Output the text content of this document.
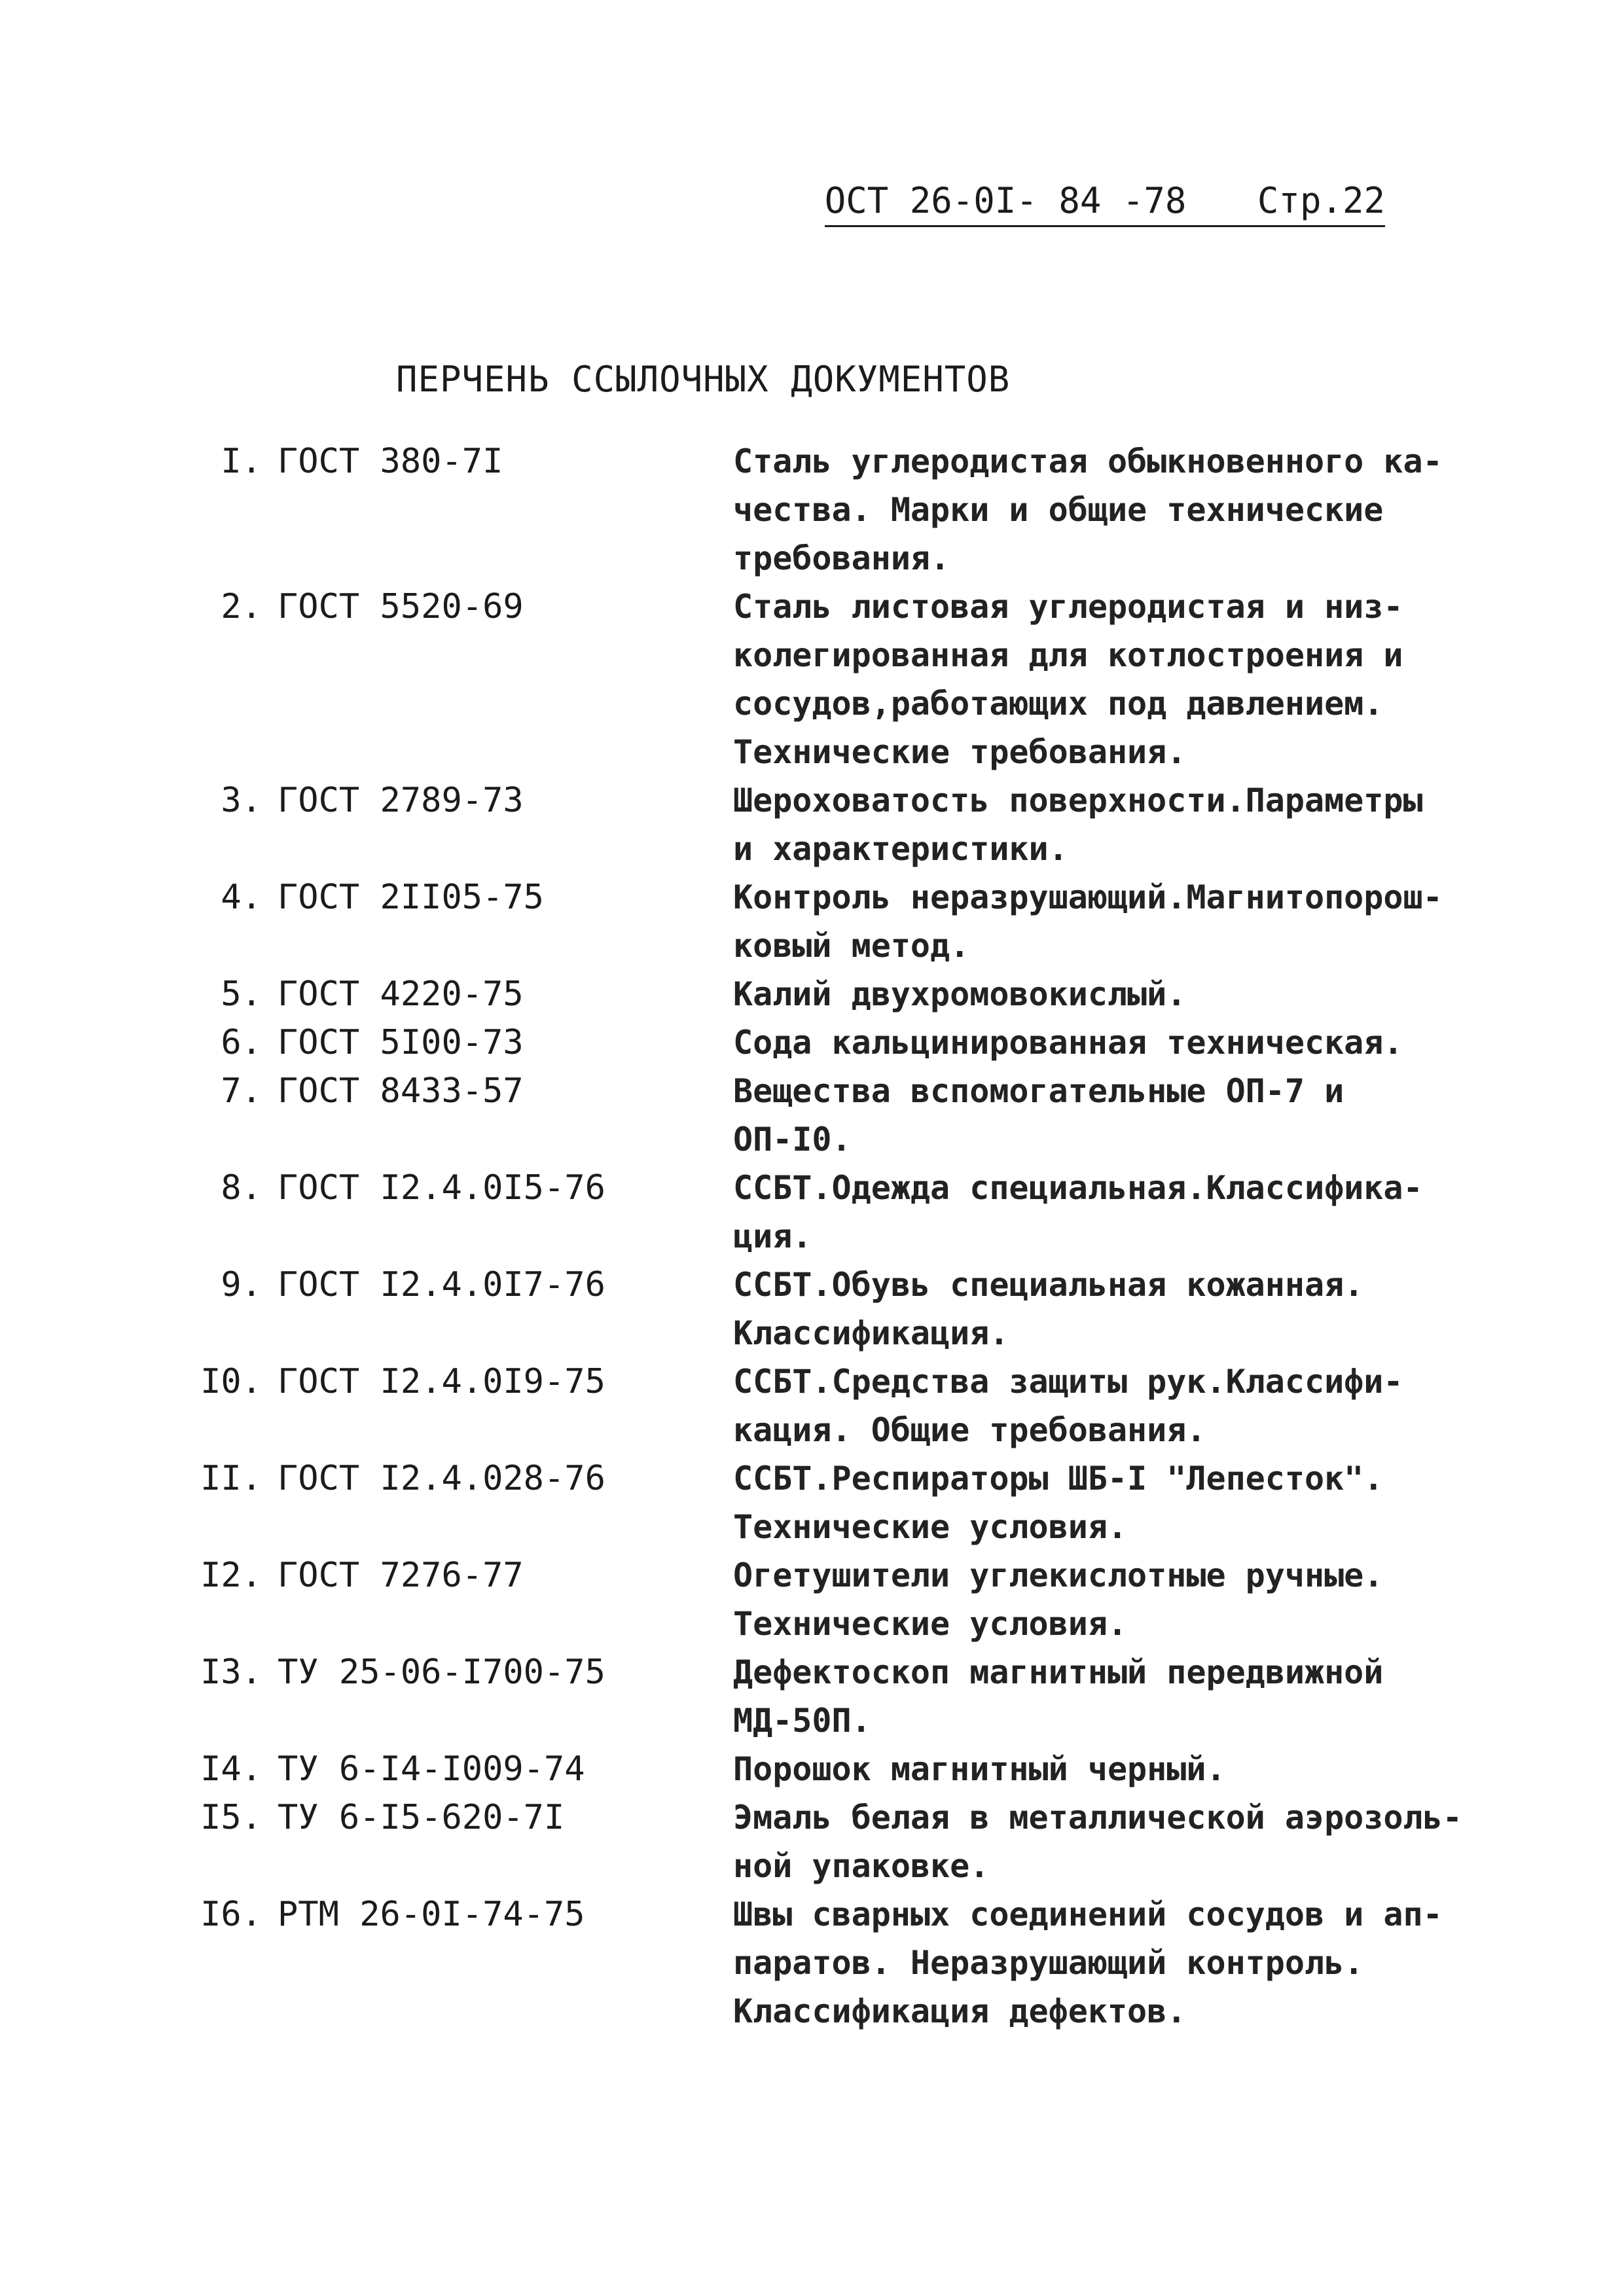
ОСТ 26-0I- 84 -78 Стр.22
ПЕРЧЕНЬ ССЫЛОЧНЫХ ДОКУМЕНТОВ
I. ГОСТ 380-7I	Сталь углеродистая обыкновенного ка-
чества. Марки и общие технические
требования.
2. ГОСТ 5520-69	Сталь листовая углеродистая и низ-
колегированная для котлостроения и
сосудов,работающих под давлением.
Технические требования.
3. ГОСТ 2789-73	Шероховатость поверхности.Параметры
и характеристики.
4. ГОСТ 2II05-75	Контроль неразрушающий.Магнитопорош-
ковый метод.
5. ГОСТ 4220-75	Калий двухромовокислый.
6. ГОСТ 5I00-73	Сода кальцинированная техническая.
7. ГОСТ 8433-57	Вещества вспомогательные ОП-7 и
ОП-I0.
8. ГОСТ I2.4.0I5-76	ССБТ.Одежда специальная.Классифика-
ция.
9. ГОСТ I2.4.0I7-76	ССБТ.Обувь специальная кожанная.
Классификация.
I0. ГОСТ I2.4.0I9-75	ССБТ.Средства защиты рук.Классифи-
кация. Общие требования.
II. ГОСТ I2.4.028-76	ССБТ.Респираторы ШБ-I "Лепесток".
Технические условия.
I2. ГОСТ 7276-77	Огетушители углекислотные ручные.
Технические условия.
I3. ТУ 25-06-I700-75	Дефектоскоп магнитный передвижной
МД-50П.
I4. ТУ 6-I4-I009-74	Порошок магнитный черный.
I5. ТУ 6-I5-620-7I	Эмаль белая в металлической аэрозоль-
ной упаковке.
I6. РТМ 26-0I-74-75	Швы сварных соединений сосудов и ап-
паратов. Неразрушающий контроль.
Классификация дефектов.
